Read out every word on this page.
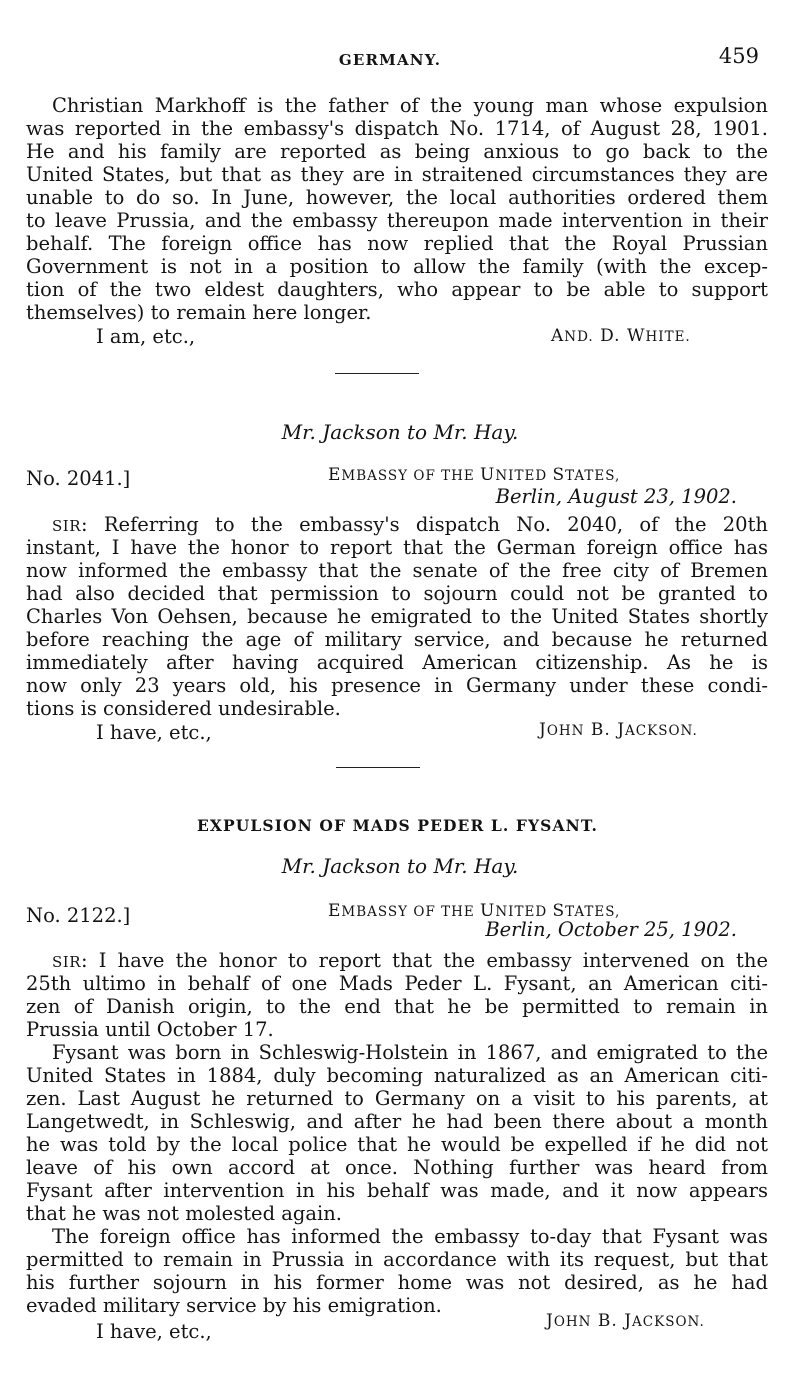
GERMANY.	459
Christian Markhoff is the father of the young man whose expulsion
was reported in the embassy's dispatch No. 1714, of August 28, 1901.
He and his family are reported as being anxious to go back to the
United States, but that as they are in straitened circumstances they are
unable to do so. In June, however, the local authorities ordered them
to leave Prussia, and the embassy thereupon made intervention in their
behalf. The foreign office has now replied that the Royal Prussian
Government is not in a position to allow the family (with the excep-
tion of the two eldest daughters, who appear to be able to support
themselves) to remain here longer.
I am, etc.,	AND. D. WHITE.
Mr. Jackson to Mr. Hay.
No. 2041.]	EMBASSY OF THE UNITED STATES,
Berlin, August 23, 1902.
SIR: Referring to the embassy's dispatch No. 2040, of the 20th
instant, I have the honor to report that the German foreign office has
now informed the embassy that the senate of the free city of Bremen
had also decided that permission to sojourn could not be granted to
Charles Von Oehsen, because he emigrated to the United States shortly
before reaching the age of military service, and because he returned
immediately after having acquired American citizenship. As he is
now only 23 years old, his presence in Germany under these condi-
tions is considered undesirable.
I have, etc.,	JOHN B. JACKSON.
EXPULSION OF MADS PEDER L. FYSANT.
Mr. Jackson to Mr. Hay.
No. 2122.]	EMBASSY OF THE UNITED STATES,
Berlin, October 25, 1902.
SIR: I have the honor to report that the embassy intervened on the
25th ultimo in behalf of one Mads Peder L. Fysant, an American citi-
zen of Danish origin, to the end that he be permitted to remain in
Prussia until October 17.
Fysant was born in Schleswig-Holstein in 1867, and emigrated to the
United States in 1884, duly becoming naturalized as an American citi-
zen. Last August he returned to Germany on a visit to his parents, at
Langetwedt, in Schleswig, and after he had been there about a month
he was told by the local police that he would be expelled if he did not
leave of his own accord at once. Nothing further was heard from
Fysant after intervention in his behalf was made, and it now appears
that he was not molested again.
The foreign office has informed the embassy to-day that Fysant was
permitted to remain in Prussia in accordance with its request, but that
his further sojourn in his former home was not desired, as he had
evaded military service by his emigration.
I have, etc.,	JOHN B. JACKSON.
